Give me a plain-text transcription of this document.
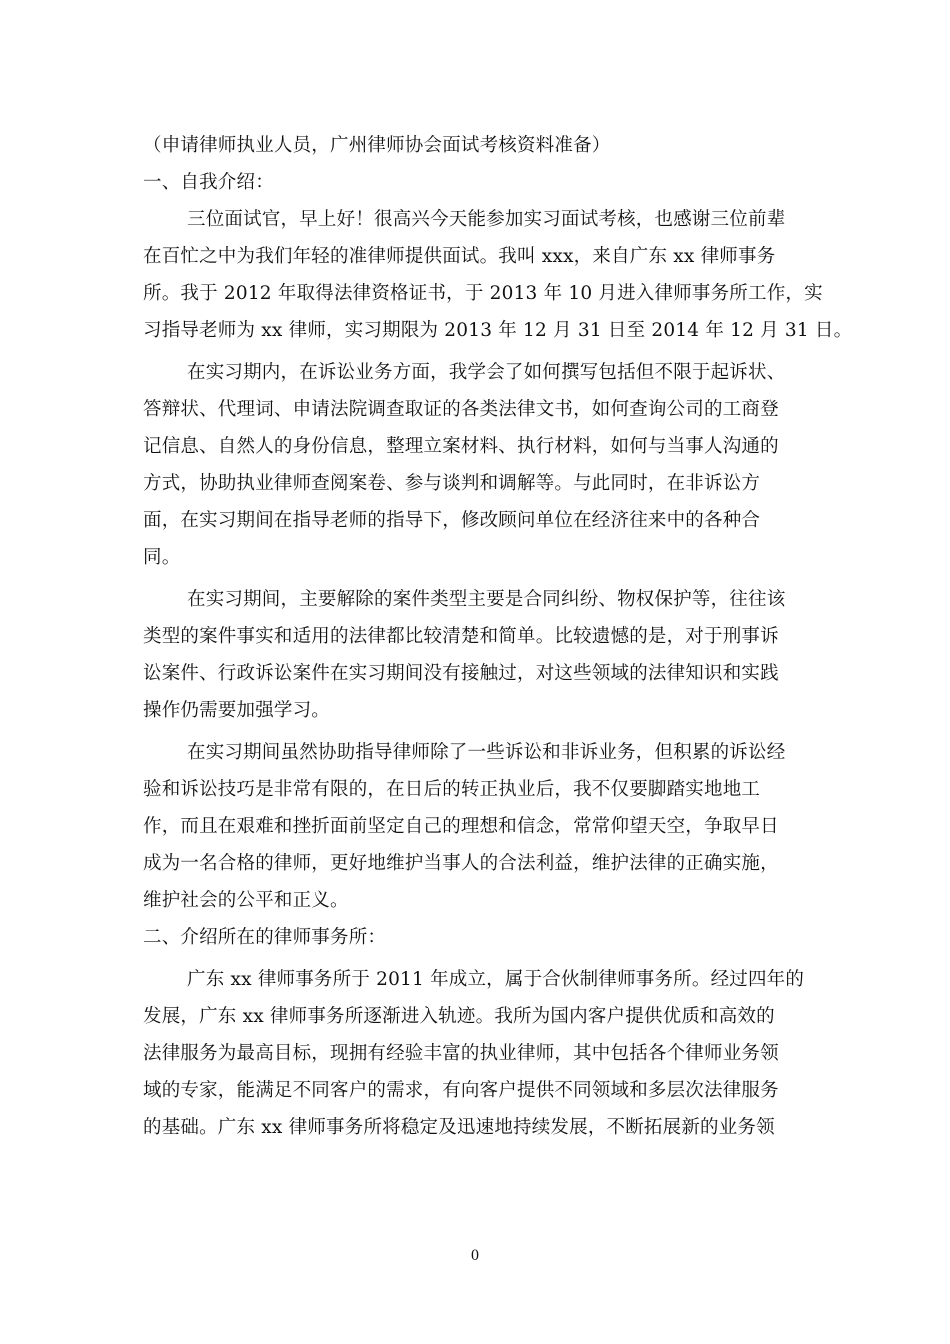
（申请律师执业人员，广州律师协会面试考核资料准备）
一、自我介绍：
三位面试官，早上好！很高兴今天能参加实习面试考核，也感谢三位前辈
在百忙之中为我们年轻的准律师提供面试。我叫 xxx，来自广东 xx 律师事务
所。我于 2012 年取得法律资格证书，于 2013 年 10 月进入律师事务所工作，实
习指导老师为 xx 律师，实习期限为 2013 年 12 月 31 日至 2014 年 12 月 31 日。
在实习期内，在诉讼业务方面，我学会了如何撰写包括但不限于起诉状、
答辩状、代理词、申请法院调查取证的各类法律文书，如何查询公司的工商登
记信息、自然人的身份信息，整理立案材料、执行材料，如何与当事人沟通的
方式，协助执业律师查阅案卷、参与谈判和调解等。与此同时，在非诉讼方
面，在实习期间在指导老师的指导下，修改顾问单位在经济往来中的各种合
同。
在实习期间，主要解除的案件类型主要是合同纠纷、物权保护等，往往该
类型的案件事实和适用的法律都比较清楚和简单。比较遗憾的是，对于刑事诉
讼案件、行政诉讼案件在实习期间没有接触过，对这些领域的法律知识和实践
操作仍需要加强学习。
在实习期间虽然协助指导律师除了一些诉讼和非诉业务，但积累的诉讼经
验和诉讼技巧是非常有限的，在日后的转正执业后，我不仅要脚踏实地地工
作，而且在艰难和挫折面前坚定自己的理想和信念，常常仰望天空，争取早日
成为一名合格的律师，更好地维护当事人的合法利益，维护法律的正确实施，
维护社会的公平和正义。
二、介绍所在的律师事务所：
广东 xx 律师事务所于 2011 年成立，属于合伙制律师事务所。经过四年的
发展，广东 xx 律师事务所逐渐进入轨迹。我所为国内客户提供优质和高效的
法律服务为最高目标，现拥有经验丰富的执业律师，其中包括各个律师业务领
域的专家，能满足不同客户的需求，有向客户提供不同领域和多层次法律服务
的基础。广东 xx 律师事务所将稳定及迅速地持续发展，不断拓展新的业务领
0
